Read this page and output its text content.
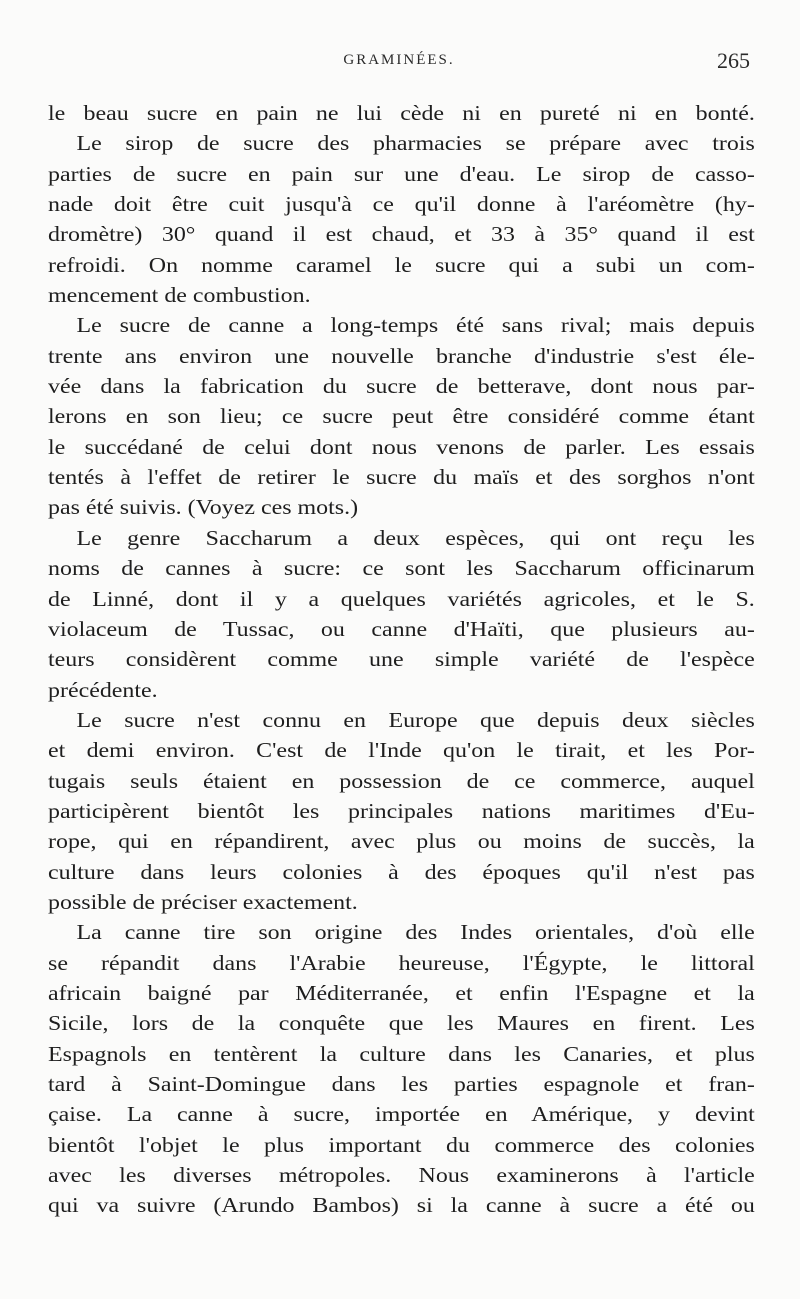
GRAMINÉES.	265
le beau sucre en pain ne lui cède ni en pureté ni en bonté.
Le sirop de sucre des pharmacies se prépare avec trois
parties de sucre en pain sur une d'eau. Le sirop de casso-
nade doit être cuit jusqu'à ce qu'il donne à l'aréomètre (hy-
dromètre) 30° quand il est chaud, et 33 à 35° quand il est
refroidi. On nomme caramel le sucre qui a subi un com-
mencement de combustion.
Le sucre de canne a long-temps été sans rival; mais depuis
trente ans environ une nouvelle branche d'industrie s'est éle-
vée dans la fabrication du sucre de betterave, dont nous par-
lerons en son lieu; ce sucre peut être considéré comme étant
le succédané de celui dont nous venons de parler. Les essais
tentés à l'effet de retirer le sucre du maïs et des sorghos n'ont
pas été suivis. (Voyez ces mots.)
Le genre Saccharum a deux espèces, qui ont reçu les
noms de cannes à sucre: ce sont les Saccharum officinarum
de Linné, dont il y a quelques variétés agricoles, et le S.
violaceum de Tussac, ou canne d'Haïti, que plusieurs au-
teurs considèrent comme une simple variété de l'espèce
précédente.
Le sucre n'est connu en Europe que depuis deux siècles
et demi environ. C'est de l'Inde qu'on le tirait, et les Por-
tugais seuls étaient en possession de ce commerce, auquel
participèrent bientôt les principales nations maritimes d'Eu-
rope, qui en répandirent, avec plus ou moins de succès, la
culture dans leurs colonies à des époques qu'il n'est pas
possible de préciser exactement.
La canne tire son origine des Indes orientales, d'où elle
se répandit dans l'Arabie heureuse, l'Égypte, le littoral
africain baigné par Méditerranée, et enfin l'Espagne et la
Sicile, lors de la conquête que les Maures en firent. Les
Espagnols en tentèrent la culture dans les Canaries, et plus
tard à Saint-Domingue dans les parties espagnole et fran-
çaise. La canne à sucre, importée en Amérique, y devint
bientôt l'objet le plus important du commerce des colonies
avec les diverses métropoles. Nous examinerons à l'article
qui va suivre (Arundo Bambos) si la canne à sucre a été ou
